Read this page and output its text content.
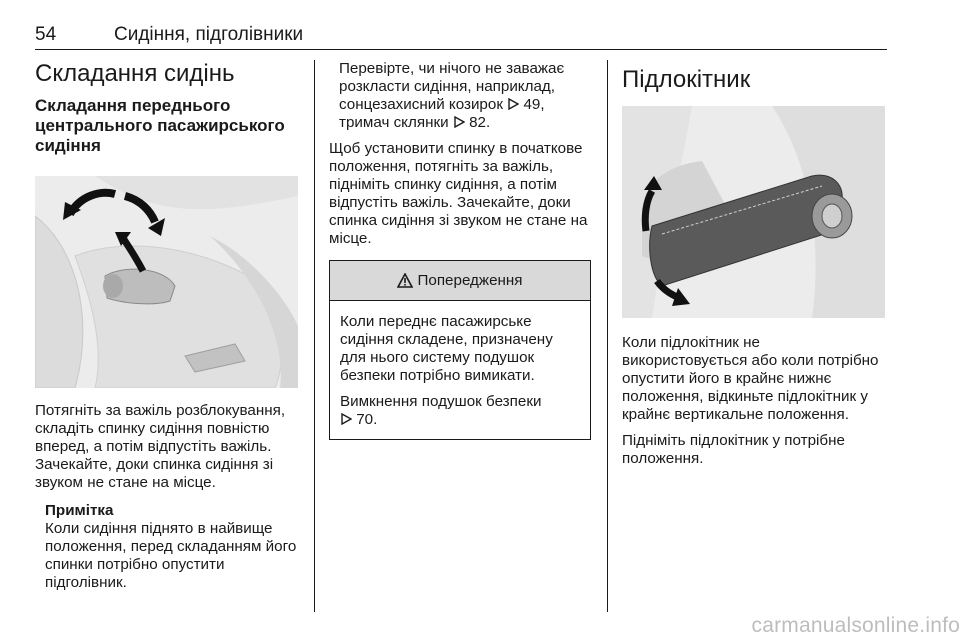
54	Сидіння, підголівники
Складання сидінь
Складання переднього центрального пасажирського сидіння

Потягніть за важіль розблокування, складіть спинку сидіння повністю вперед, а потім відпустіть важіль. Зачекайте, доки спинка сидіння зі звуком не стане на місце.

Примітка

Коли сидіння піднято в найвище положення, перед складанням його спинки потрібно опустити підголівник.

Перевірте, чи нічого не заважає розкласти сидіння, наприклад, сонцезахисний козирок 49, тримач склянки 82.

Щоб установити спинку в початкове положення, потягніть за важіль, підніміть спинку сидіння, а потім відпустіть важіль. Зачекайте, доки спинка сидіння зі звуком не стане на місце.

Попередження

Коли переднє пасажирське сидіння складене, призначену для нього систему подушок безпеки потрібно вимикати.

Вимкнення подушок безпеки
70.

Підлокітник

Коли підлокітник не використовується або коли потрібно опустити його в крайнє нижнє положення, відкиньте підлокітник у крайнє вертикальне положення.

Підніміть підлокітник у потрібне положення.

carmanualsonline.info
